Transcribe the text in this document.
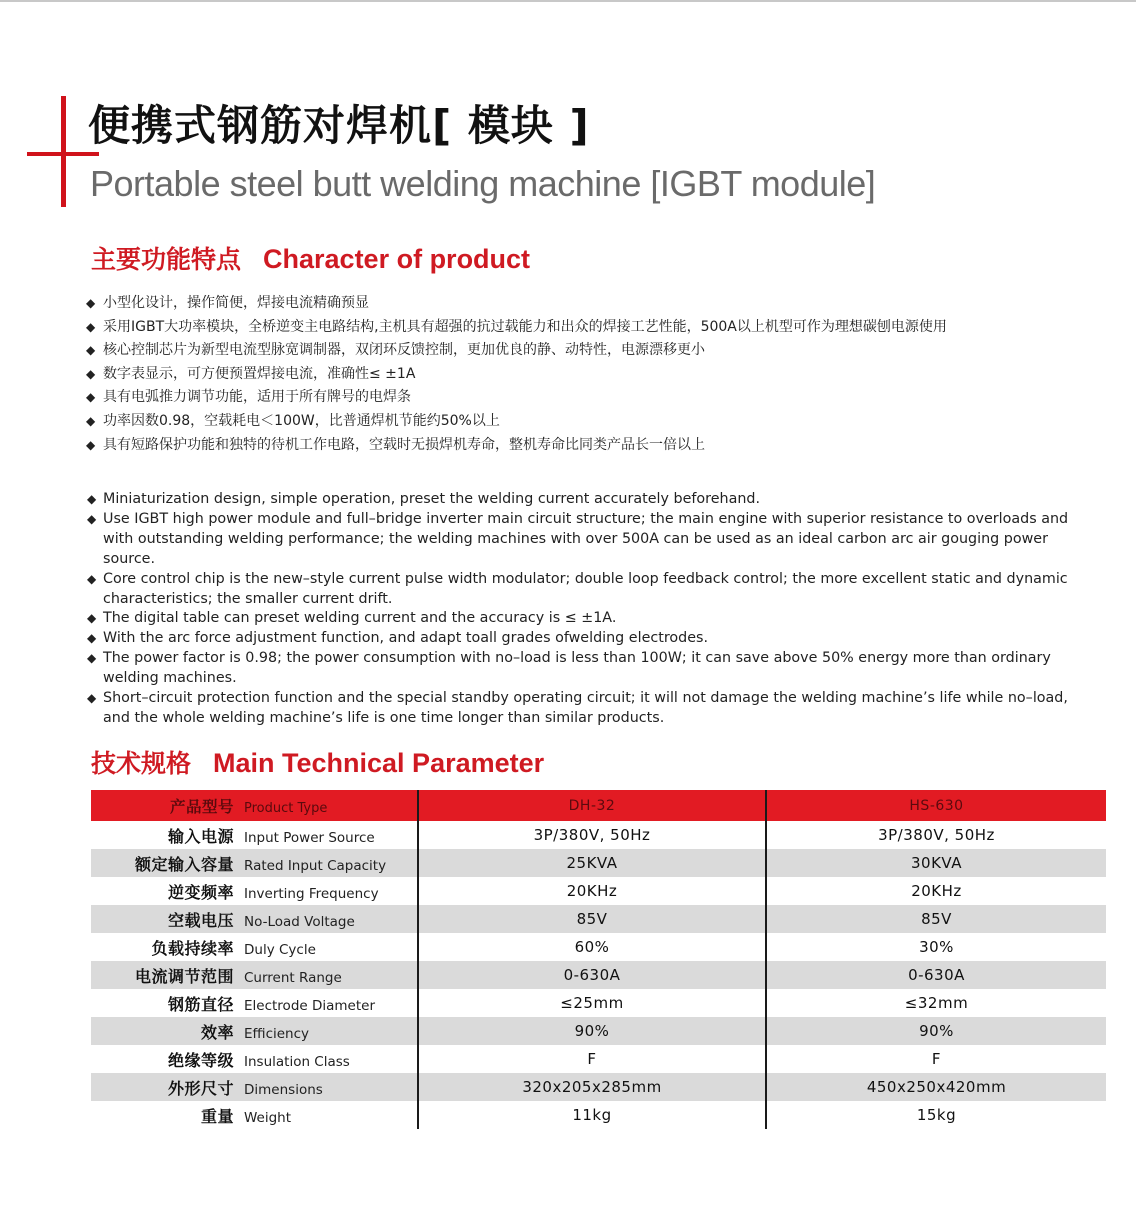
便携式钢筋对焊机[ 模块 ]
Portable steel butt welding machine [IGBT module]
主要功能特点 Character of product
◆ 小型化设计，操作简便，焊接电流精确预显
◆ 采用IGBT大功率模块，全桥逆变主电路结构,主机具有超强的抗过载能力和出众的焊接工艺性能，500A以上机型可作为理想碳刨电源使用
◆ 核心控制芯片为新型电流型脉宽调制器，双闭环反馈控制，更加优良的静、动特性，电源漂移更小
◆ 数字表显示，可方便预置焊接电流，准确性≤ ±1A
◆ 具有电弧推力调节功能，适用于所有牌号的电焊条
◆ 功率因数0.98，空载耗电＜100W，比普通焊机节能约50%以上
◆ 具有短路保护功能和独特的待机工作电路，空载时无损焊机寿命，整机寿命比同类产品长一倍以上
◆ Miniaturization design, simple operation, preset the welding current accurately beforehand.
◆ Use IGBT high power module and full–bridge inverter main circuit structure; the main engine with superior resistance to overloads and with outstanding welding performance; the welding machines with over 500A can be used as an ideal carbon arc air gouging power source.
◆ Core control chip is the new–style current pulse width modulator; double loop feedback control; the more excellent static and dynamic characteristics; the smaller current drift.
◆ The digital table can preset welding current and the accuracy is ≤ ±1A.
◆ With the arc force adjustment function, and adapt toall grades ofwelding electrodes.
◆ The power factor is 0.98; the power consumption with no–load is less than 100W; it can save above 50% energy more than ordinary welding machines.
◆ Short–circuit protection function and the special standby operating circuit; it will not damage the welding machine’s life while no–load, and the whole welding machine’s life is one time longer than similar products.
技术规格 Main Technical Parameter
产品型号 Product Type	DH-32	HS-630
输入电源 Input Power Source	3P/380V, 50Hz	3P/380V, 50Hz
额定输入容量 Rated Input Capacity	25KVA	30KVA
逆变频率 Inverting Frequency	20KHz	20KHz
空载电压 No-Load Voltage	85V	85V
负载持续率 Duly Cycle	60%	30%
电流调节范围 Current Range	0-630A	0-630A
钢筋直径 Electrode Diameter	≤25mm	≤32mm
效率 Efficiency	90%	90%
绝缘等级 Insulation Class	F	F
外形尺寸 Dimensions	320x205x285mm	450x250x420mm
重量 Weight	11kg	15kg
